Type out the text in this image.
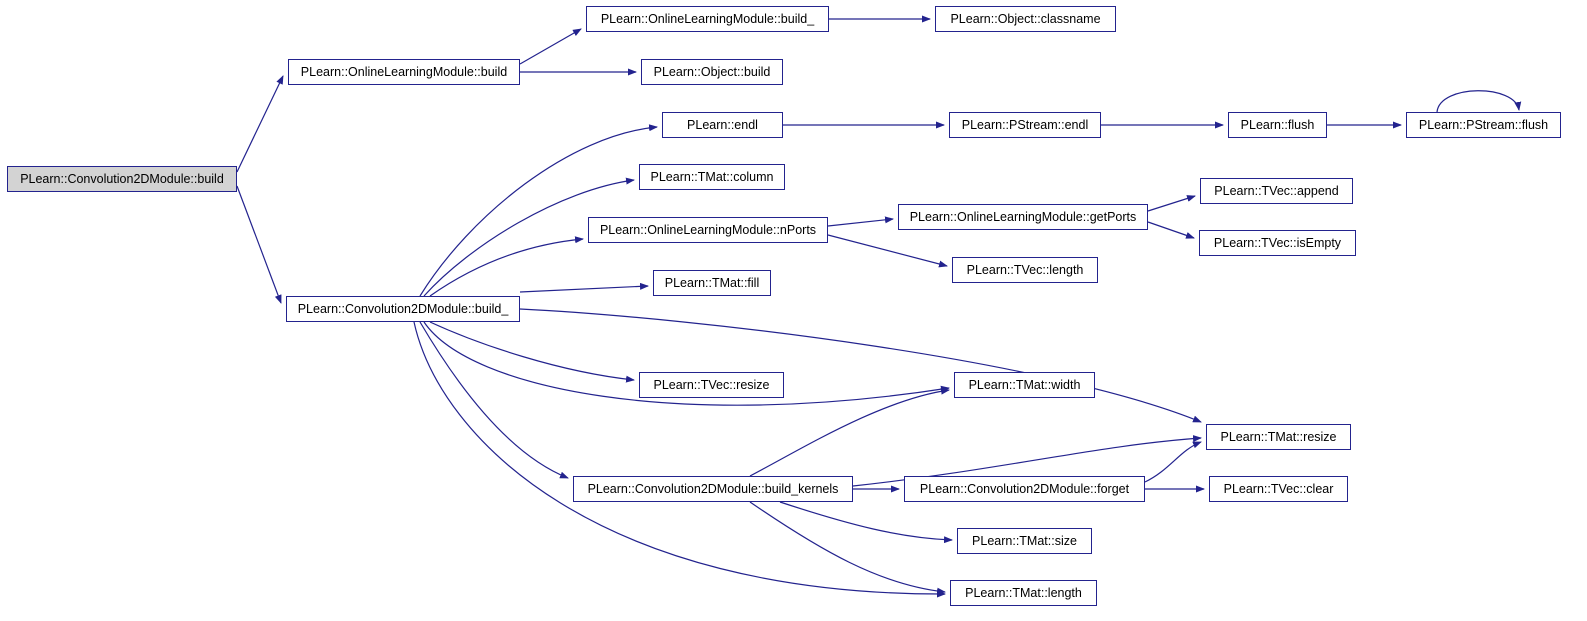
PLearn::Convolution2DModule::build
PLearn::OnlineLearningModule::build
PLearn::OnlineLearningModule::build_	PLearn::Object::classname
PLearn::Object::build
PLearn::endl	PLearn::PStream::endl	PLearn::flush	PLearn::PStream::flush
PLearn::TMat::column
PLearn::OnlineLearningModule::nPorts
PLearn::OnlineLearningModule::getPorts
PLearn::TVec::append
PLearn::TVec::isEmpty
PLearn::TVec::length
PLearn::TMat::fill
PLearn::Convolution2DModule::build_
PLearn::TVec::resize	PLearn::TMat::width
PLearn::TMat::resize
PLearn::Convolution2DModule::build_kernels	PLearn::Convolution2DModule::forget	PLearn::TVec::clear
PLearn::TMat::size
PLearn::TMat::length
